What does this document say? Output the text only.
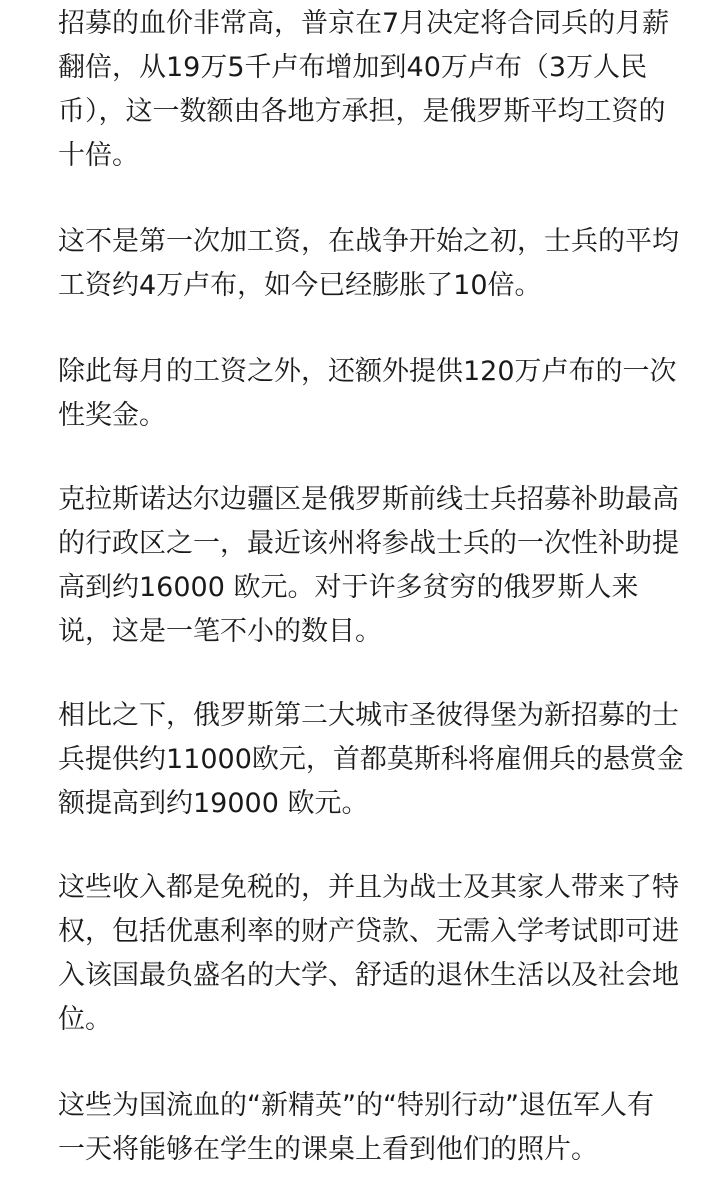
招募的血价非常高，普京在7月决定将合同兵的月薪
翻倍，从19万5千卢布增加到40万卢布（3万人民
币），这一数额由各地方承担，是俄罗斯平均工资的
十倍。
这不是第一次加工资，在战争开始之初，士兵的平均
工资约4万卢布，如今已经膨胀了10倍。
除此每月的工资之外，还额外提供120万卢布的一次
性奖金。
克拉斯诺达尔边疆区是俄罗斯前线士兵招募补助最高
的行政区之一，最近该州将参战士兵的一次性补助提
高到约16000 欧元。对于许多贫穷的俄罗斯人来
说，这是一笔不小的数目。
相比之下，俄罗斯第二大城市圣彼得堡为新招募的士
兵提供约11000欧元，首都莫斯科将雇佣兵的悬赏金
额提高到约19000 欧元。
这些收入都是免税的，并且为战士及其家人带来了特
权，包括优惠利率的财产贷款、无需入学考试即可进
入该国最负盛名的大学、舒适的退休生活以及社会地
位。
这些为国流血的“新精英”的“特别行动”退伍军人有
一天将能够在学生的课桌上看到他们的照片。
